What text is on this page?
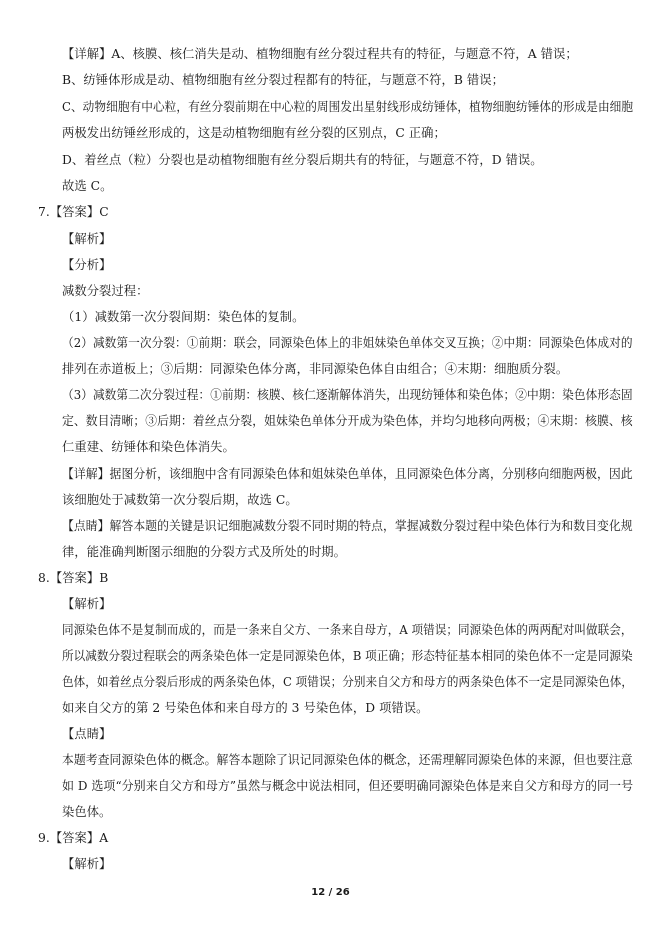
【详解】A、核膜、核仁消失是动、植物细胞有丝分裂过程共有的特征，与题意不符，A 错误；
B、纺锤体形成是动、植物细胞有丝分裂过程都有的特征，与题意不符，B 错误；
C、动物细胞有中心粒，有丝分裂前期在中心粒的周围发出星射线形成纺锤体，植物细胞纺锤体的形成是由细胞
两极发出纺锤丝形成的，这是动植物细胞有丝分裂的区别点，C 正确；
D、着丝点（粒）分裂也是动植物细胞有丝分裂后期共有的特征，与题意不符，D 错误。
故选 C。
7.【答案】C
【解析】
【分析】
减数分裂过程：
（1）减数第一次分裂间期：染色体的复制。
（2）减数第一次分裂：①前期：联会，同源染色体上的非姐妹染色单体交叉互换；②中期：同源染色体成对的
排列在赤道板上；③后期：同源染色体分离，非同源染色体自由组合；④末期：细胞质分裂。
（3）减数第二次分裂过程：①前期：核膜、核仁逐渐解体消失，出现纺锤体和染色体；②中期：染色体形态固
定、数目清晰；③后期：着丝点分裂，姐妹染色单体分开成为染色体，并均匀地移向两极；④末期：核膜、核
仁重建、纺锤体和染色体消失。
【详解】据图分析，该细胞中含有同源染色体和姐妹染色单体，且同源染色体分离，分别移向细胞两极，因此
该细胞处于减数第一次分裂后期，故选 C。
【点睛】解答本题的关键是识记细胞减数分裂不同时期的特点，掌握减数分裂过程中染色体行为和数目变化规
律，能准确判断图示细胞的分裂方式及所处的时期。
8.【答案】B
【解析】
同源染色体不是复制而成的，而是一条来自父方、一条来自母方，A 项错误；同源染色体的两两配对叫做联会，
所以减数分裂过程联会的两条染色体一定是同源染色体，B 项正确；形态特征基本相同的染色体不一定是同源染
色体，如着丝点分裂后形成的两条染色体，C 项错误；分别来自父方和母方的两条染色体不一定是同源染色体，
如来自父方的第 2 号染色体和来自母方的 3 号染色体，D 项错误。
【点睛】
本题考查同源染色体的概念。解答本题除了识记同源染色体的概念，还需理解同源染色体的来源，但也要注意
如 D 选项“分别来自父方和母方”虽然与概念中说法相同，但还要明确同源染色体是来自父方和母方的同一号
染色体。
9.【答案】A
【解析】
12 / 26
